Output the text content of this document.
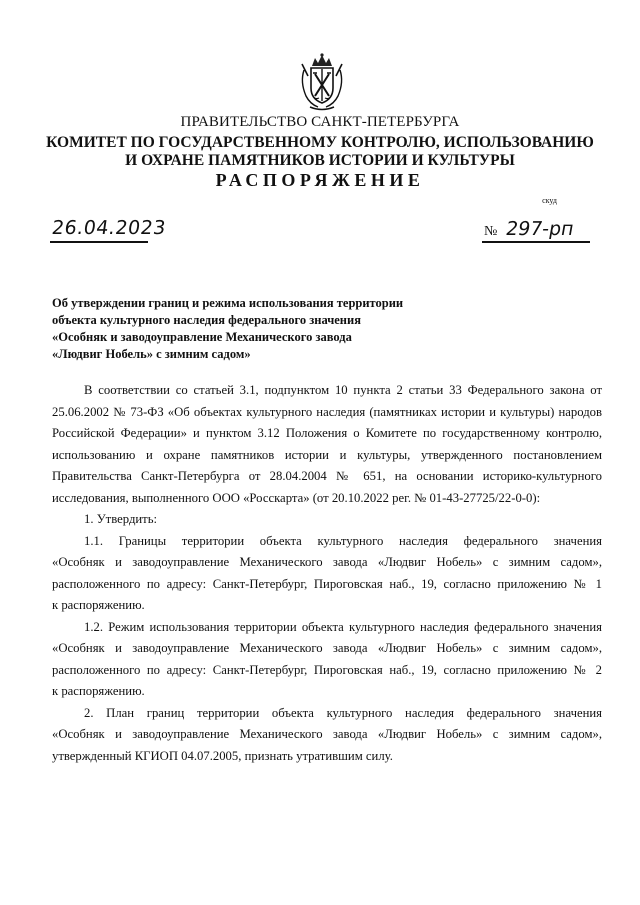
ПРАВИТЕЛЬСТВО САНКТ-ПЕТЕРБУРГА
КОМИТЕТ ПО ГОСУДАРСТВЕННОМУ КОНТРОЛЮ, ИСПОЛЬЗОВАНИЮ
И ОХРАНЕ ПАМЯТНИКОВ ИСТОРИИ И КУЛЬТУРЫ
РАСПОРЯЖЕНИЕ
скуд
26.04.2023	№ 297-рп
Об утверждении границ и режима использования территории
объекта культурного наследия федерального значения
«Особняк и заводоуправление Механического завода
«Людвиг Нобель» с зимним садом»
В соответствии со статьей 3.1, подпунктом 10 пункта 2 статьи 33 Федерального закона от
25.06.2002 № 73-ФЗ «Об объектах культурного наследия (памятниках истории и культуры) народов
Российской Федерации» и пунктом 3.12 Положения о Комитете по государственному контролю,
использованию и охране памятников истории и культуры, утвержденного постановлением
Правительства Санкт-Петербурга от 28.04.2004 № 651, на основании историко-культурного
исследования, выполненного ООО «Росскарта» (от 20.10.2022 рег. № 01-43-27725/22-0-0):
1. Утвердить:
1.1. Границы территории объекта культурного наследия федерального значения
«Особняк и заводоуправление Механического завода «Людвиг Нобель» с зимним садом»,
расположенного по адресу: Санкт-Петербург, Пироговская наб., 19, согласно приложению № 1
к распоряжению.
1.2. Режим использования территории объекта культурного наследия федерального значения
«Особняк и заводоуправление Механического завода «Людвиг Нобель» с зимним садом»,
расположенного по адресу: Санкт-Петербург, Пироговская наб., 19, согласно приложению № 2
к распоряжению.
2. План границ территории объекта культурного наследия федерального значения
«Особняк и заводоуправление Механического завода «Людвиг Нобель» с зимним садом»,
утвержденный КГИОП 04.07.2005, признать утратившим силу.
